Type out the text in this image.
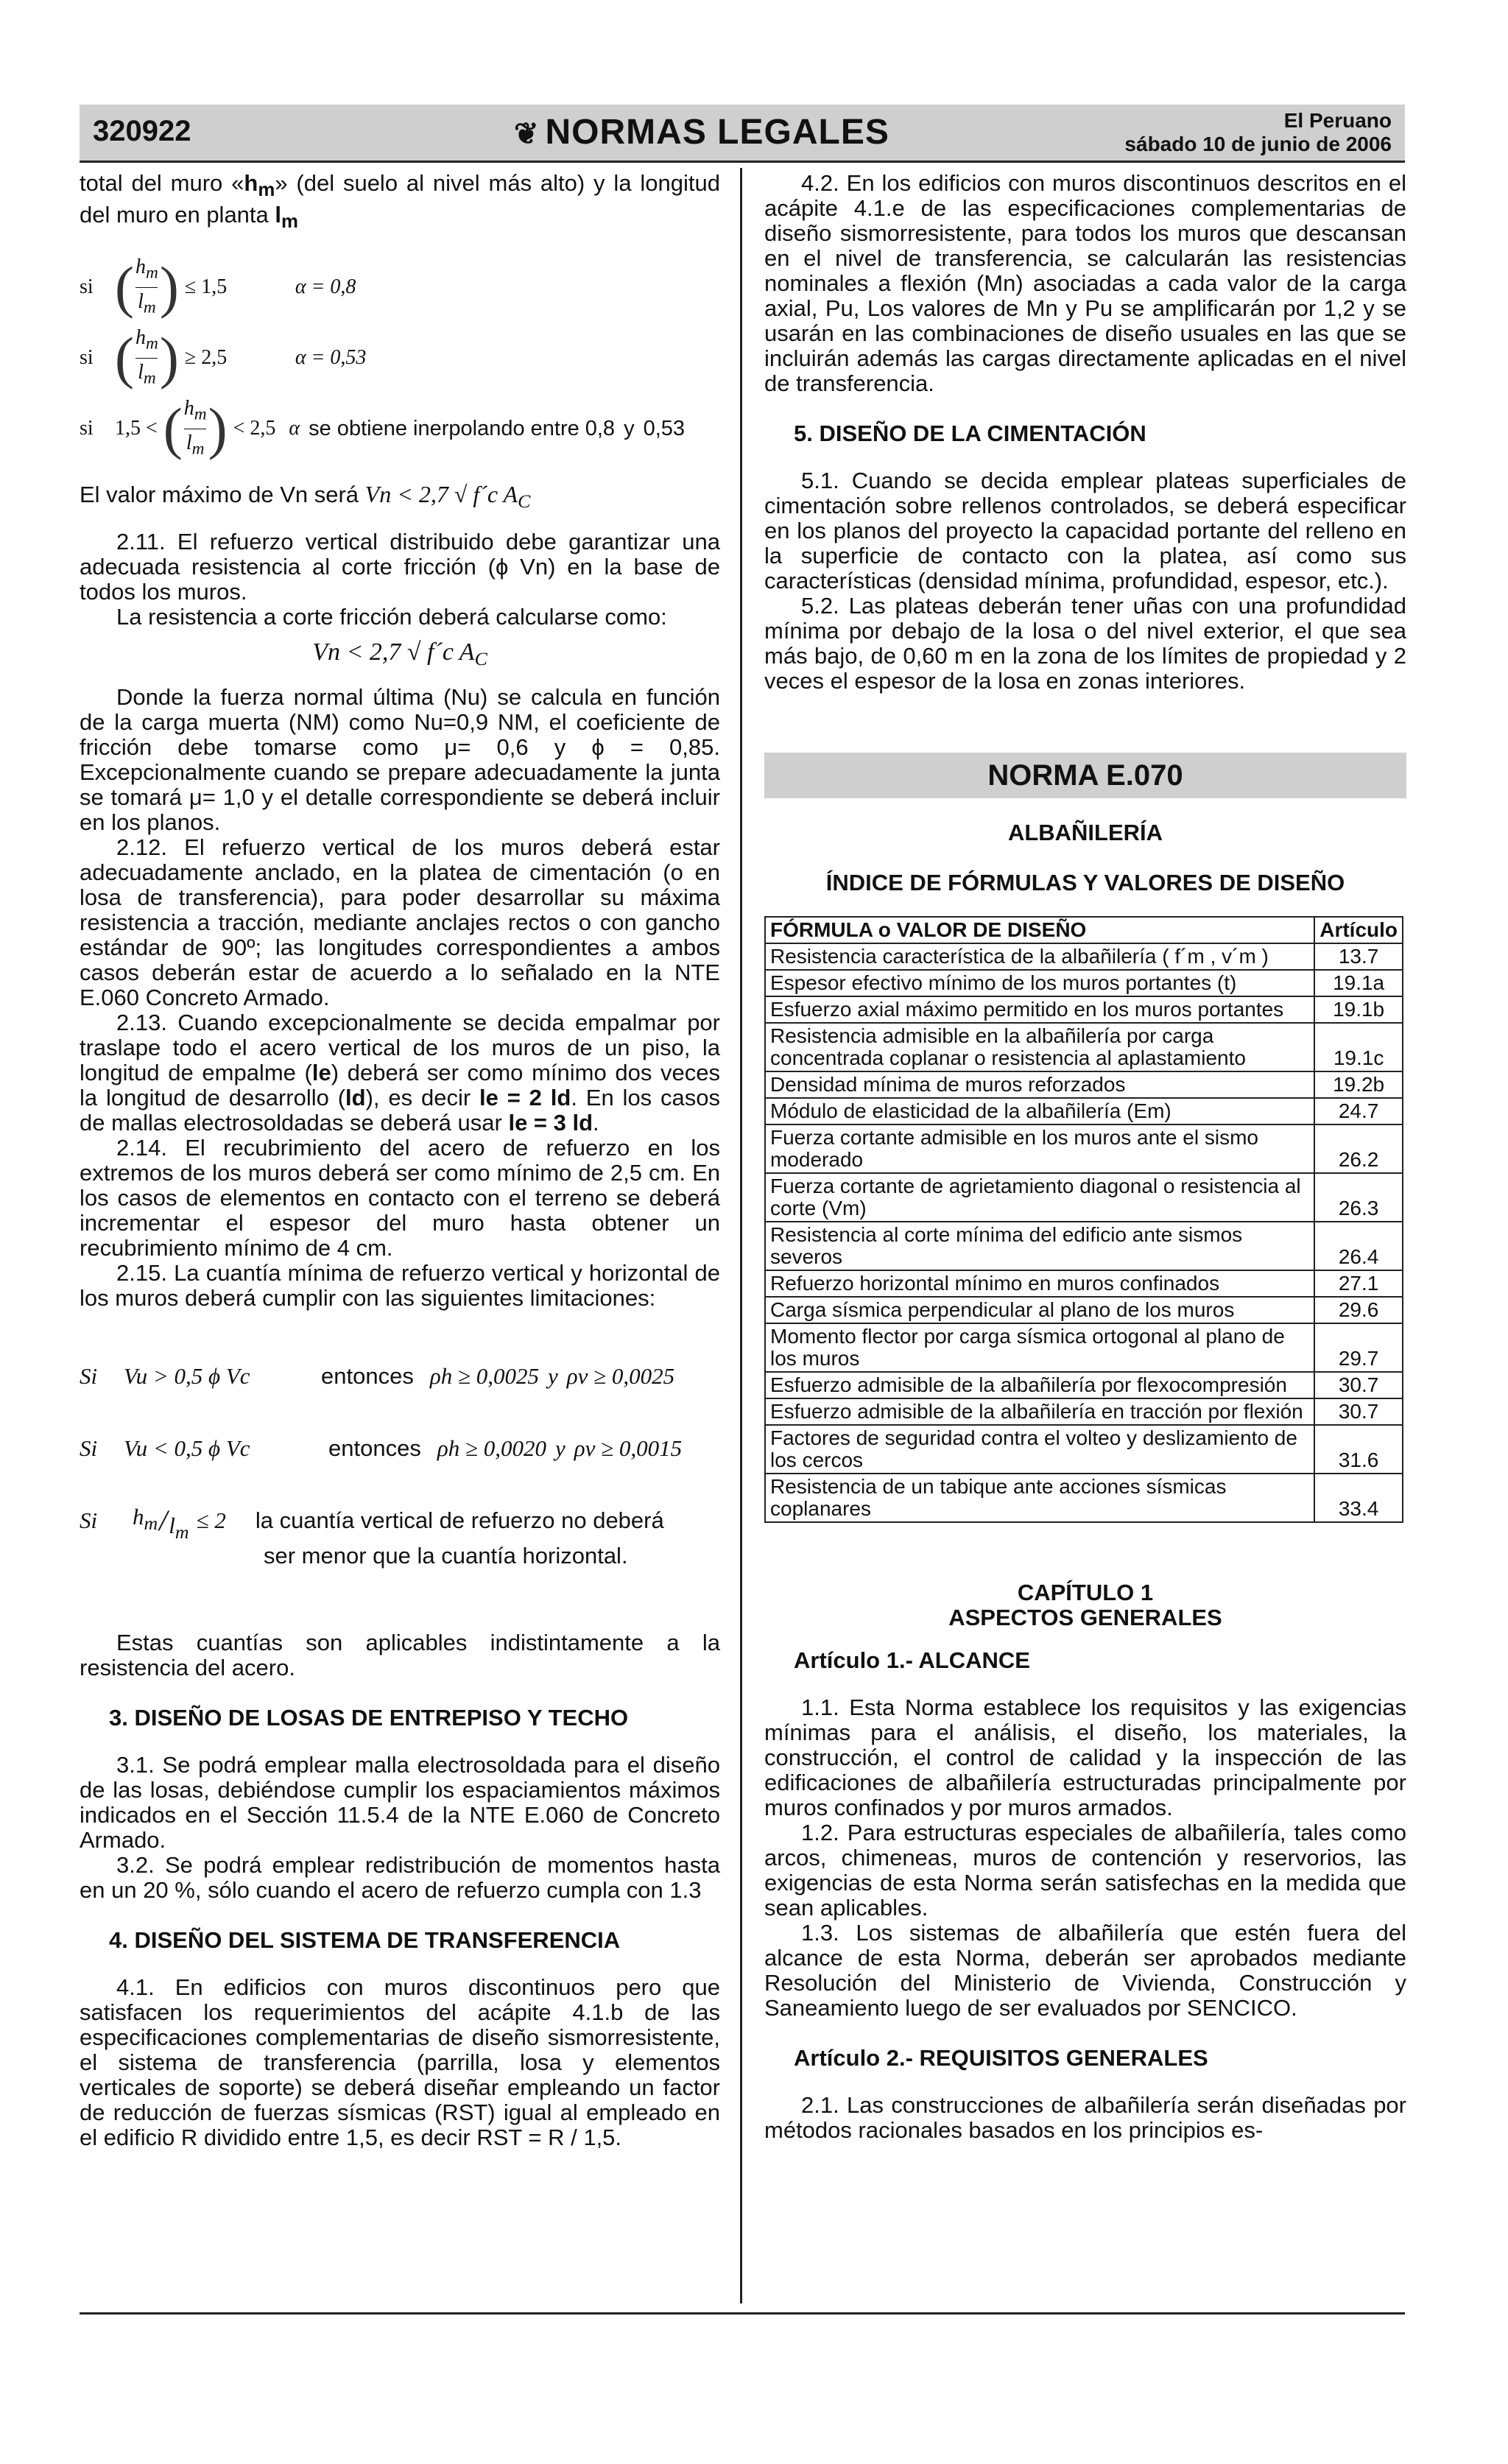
320922	❦ NORMAS LEGALES	El Peruano
sábado 10 de junio de 2006

total del muro «$h_m$» (del suelo al nivel más alto) y la longitud del muro en planta $l_m$

si ( $\frac{h_m}{l_m}$ ) ≤ 1,5	α = 0,8
si ( $\frac{h_m}{l_m}$ ) ≥ 2,5	α = 0,53
si	1,5 < ( $\frac{h_m}{l_m}$ ) < 2,5 α se obtiene inerpolando entre 0,8 y 0,53

El valor máximo de Vn será Vn < 2,7 √ f´c $A_C$

2.11. El refuerzo vertical distribuido debe garantizar una adecuada resistencia al corte fricción (ϕ Vn) en la base de todos los muros.

La resistencia a corte fricción deberá calcularse como:

Vn < 2,7 √ f´c $A_C$

Donde la fuerza normal última (Nu) se calcula en función de la carga muerta (NM) como Nu=0,9 NM, el coeficiente de fricción debe tomarse como μ= 0,6 y ϕ = 0,85. Excepcionalmente cuando se prepare adecuadamente la junta se tomará μ= 1,0 y el detalle correspondiente se deberá incluir en los planos.

2.12. El refuerzo vertical de los muros deberá estar adecuadamente anclado, en la platea de cimentación (o en losa de transferencia), para poder desarrollar su máxima resistencia a tracción, mediante anclajes rectos o con gancho estándar de 90º; las longitudes correspondientes a ambos casos deberán estar de acuerdo a lo señalado en la NTE E.060 Concreto Armado.

2.13. Cuando excepcionalmente se decida empalmar por traslape todo el acero vertical de los muros de un piso, la longitud de empalme (le) deberá ser como mínimo dos veces la longitud de desarrollo (ld), es decir le = 2 ld. En los casos de mallas electrosoldadas se deberá usar le = 3 ld.

2.14. El recubrimiento del acero de refuerzo en los extremos de los muros deberá ser como mínimo de 2,5 cm. En los casos de elementos en contacto con el terreno se deberá incrementar el espesor del muro hasta obtener un recubrimiento mínimo de 4 cm.

2.15. La cuantía mínima de refuerzo vertical y horizontal de los muros deberá cumplir con las siguientes limitaciones:

Si	Vu > 0,5 ϕ Vc	entonces ρh ≥ 0,0025 y ρv ≥ 0,0025
Si	Vu < 0,5 ϕ Vc	entonces ρh ≥ 0,0020 y ρv ≥ 0,0015
Si	$h_m / l_m \le 2$ la cuantía vertical de refuerzo no deberá

ser menor que la cuantía horizontal.

Estas cuantías son aplicables indistintamente a la resistencia del acero.

3. DISEÑO DE LOSAS DE ENTREPISO Y TECHO

3.1. Se podrá emplear malla electrosoldada para el diseño de las losas, debiéndose cumplir los espaciamientos máximos indicados en el Sección 11.5.4 de la NTE E.060 de Concreto Armado.

3.2. Se podrá emplear redistribución de momentos hasta en un 20 %, sólo cuando el acero de refuerzo cumpla con 1.3

4. DISEÑO DEL SISTEMA DE TRANSFERENCIA

4.1. En edificios con muros discontinuos pero que satisfacen los requerimientos del acápite 4.1.b de las especificaciones complementarias de diseño sismorresistente, el sistema de transferencia (parrilla, losa y elementos verticales de soporte) se deberá diseñar empleando un factor de reducción de fuerzas sísmicas (RST) igual al empleado en el edificio R dividido entre 1,5, es decir RST = R / 1,5.

4.2. En los edificios con muros discontinuos descritos en el acápite 4.1.e de las especificaciones complementarias de diseño sismorresistente, para todos los muros que descansan en el nivel de transferencia, se calcularán las resistencias nominales a flexión (Mn) asociadas a cada valor de la carga axial, Pu, Los valores de Mn y Pu se amplificarán por 1,2 y se usarán en las combinaciones de diseño usuales en las que se incluirán además las cargas directamente aplicadas en el nivel de transferencia.

5. DISEÑO DE LA CIMENTACIÓN

5.1. Cuando se decida emplear plateas superficiales de cimentación sobre rellenos controlados, se deberá especificar en los planos del proyecto la capacidad portante del relleno en la superficie de contacto con la platea, así como sus características (densidad mínima, profundidad, espesor, etc.).

5.2. Las plateas deberán tener uñas con una profundidad mínima por debajo de la losa o del nivel exterior, el que sea más bajo, de 0,60 m en la zona de los límites de propiedad y 2 veces el espesor de la losa en zonas interiores.

NORMA E.070

ALBAÑILERÍA

ÍNDICE DE FÓRMULAS Y VALORES DE DISEÑO

FÓRMULA o VALOR DE DISEÑO	Artículo
Resistencia característica de la albañilería ( f´m , v´m )	13.7
Espesor efectivo mínimo de los muros portantes (t)	19.1a
Esfuerzo axial máximo permitido en los muros portantes	19.1b
Resistencia admisible en la albañilería por carga concentrada coplanar o resistencia al aplastamiento	19.1c
Densidad mínima de muros reforzados	19.2b
Módulo de elasticidad de la albañilería (Em)	24.7
Fuerza cortante admisible en los muros ante el sismo moderado	26.2
Fuerza cortante de agrietamiento diagonal o resistencia al corte (Vm)	26.3
Resistencia al corte mínima del edificio ante sismos severos	26.4
Refuerzo horizontal mínimo en muros confinados	27.1
Carga sísmica perpendicular al plano de los muros	29.6
Momento flector por carga sísmica ortogonal al plano de los muros	29.7
Esfuerzo admisible de la albañilería por flexocompresión	30.7
Esfuerzo admisible de la albañilería en tracción por flexión	30.7
Factores de seguridad contra el volteo y deslizamiento de los cercos	31.6
Resistencia de un tabique ante acciones sísmicas coplanares	33.4

CAPÍTULO 1

ASPECTOS GENERALES

Artículo 1.- ALCANCE

1.1. Esta Norma establece los requisitos y las exigencias mínimas para el análisis, el diseño, los materiales, la construcción, el control de calidad y la inspección de las edificaciones de albañilería estructuradas principalmente por muros confinados y por muros armados.

1.2. Para estructuras especiales de albañilería, tales como arcos, chimeneas, muros de contención y reservorios, las exigencias de esta Norma serán satisfechas en la medida que sean aplicables.

1.3. Los sistemas de albañilería que estén fuera del alcance de esta Norma, deberán ser aprobados mediante Resolución del Ministerio de Vivienda, Construcción y Saneamiento luego de ser evaluados por SENCICO.

Artículo 2.- REQUISITOS GENERALES

2.1. Las construcciones de albañilería serán diseñadas por métodos racionales basados en los principios es-
